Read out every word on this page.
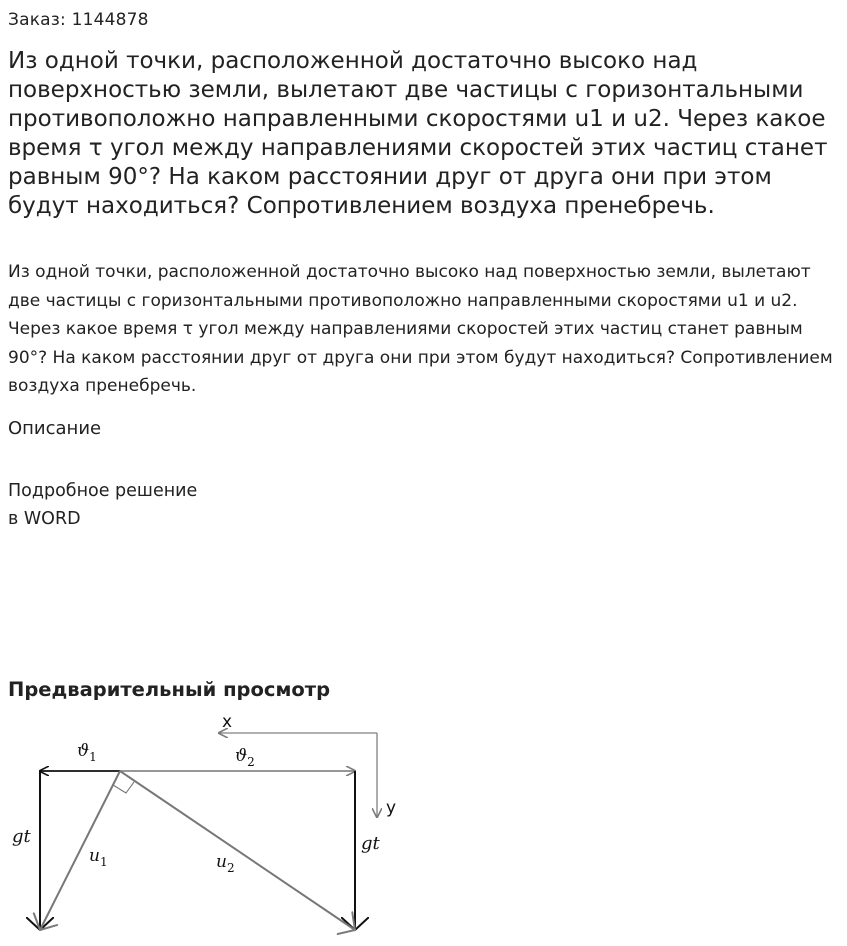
Заказ: 1144878
Из одной точки, расположенной достаточно высоко над поверхностью земли, вылетают две частицы с горизонтальными противоположно направленными скоростями u1 и u2. Через какое время τ угол между направлениями скоростей этих частиц станет равным 90°? На каком расстоянии друг от друга они при этом будут находиться? Сопротивлением воздуха пренебречь.

Из одной точки, расположенной достаточно высоко над поверхностью земли, вылетают две частицы с горизонтальными противоположно направленными скоростями u1 и u2. Через какое время τ угол между направлениями скоростей этих частиц станет равным 90°? На каком расстоянии друг от друга они при этом будут находиться? Сопротивлением воздуха пренебречь.

Описание
Подробное решение
в WORD
Предварительный просмотр
x
y
$ϑ_1$	$ϑ_2$
gt	gt
$u_1$	$u_2$
